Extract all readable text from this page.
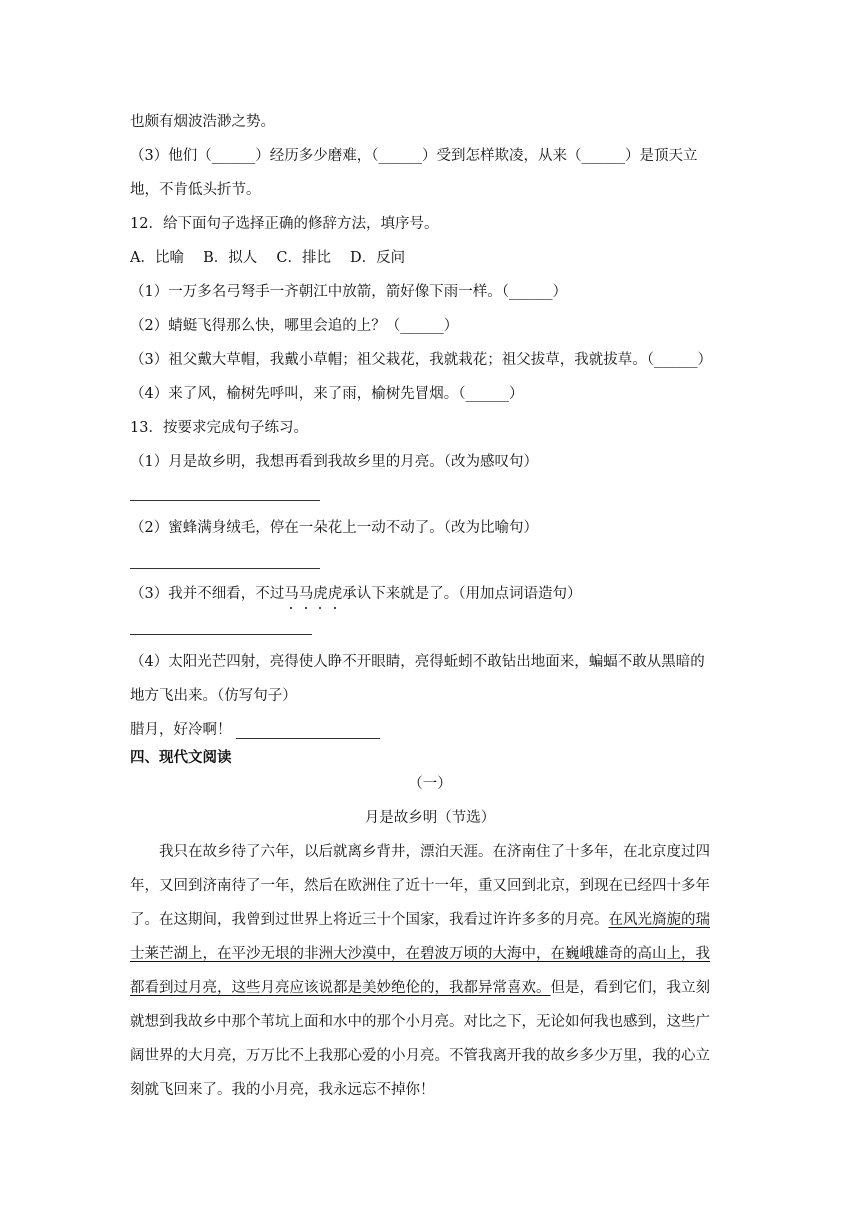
也颇有烟波浩渺之势。
（3）他们（______）经历多少磨难，（______）受到怎样欺凌，从来（______）是顶天立
地，不肯低头折节。
12．给下面句子选择正确的修辞方法，填序号。
A．比喻　 B．拟人　 C．排比　 D．反问
（1）一万多名弓弩手一齐朝江中放箭，箭好像下雨一样。（______）
（2）蜻蜓飞得那么快，哪里会追的上？（______）
（3）祖父戴大草帽，我戴小草帽；祖父栽花，我就栽花；祖父拔草，我就拔草。（______）
（4）来了风，榆树先呼叫，来了雨，榆树先冒烟。（______）
13．按要求完成句子练习。
（1）月是故乡明，我想再看到我故乡里的月亮。（改为感叹句）
（2）蜜蜂满身绒毛，停在一朵花上一动不动了。（改为比喻句）
（3）我并不细看，不过马马虎虎承认下来就是了。（用加点词语造句）
（4）太阳光芒四射，亮得使人睁不开眼睛，亮得蚯蚓不敢钻出地面来，蝙蝠不敢从黑暗的
地方飞出来。（仿写句子）
腊月，好冷啊！
四、现代文阅读
（一）
月是故乡明（节选）
我只在故乡待了六年，以后就离乡背井，漂泊天涯。在济南住了十多年，在北京度过四
年，又回到济南待了一年，然后在欧洲住了近十一年，重又回到北京，到现在已经四十多年
了。在这期间，我曾到过世界上将近三十个国家，我看过许许多多的月亮。在风光旖旎的瑞
士莱芒湖上，在平沙无垠的非洲大沙漠中，在碧波万顷的大海中，在巍峨雄奇的高山上，我
都看到过月亮，这些月亮应该说都是美妙绝伦的，我都异常喜欢。但是，看到它们，我立刻
就想到我故乡中那个苇坑上面和水中的那个小月亮。对比之下，无论如何我也感到，这些广
阔世界的大月亮，万万比不上我那心爱的小月亮。不管我离开我的故乡多少万里，我的心立
刻就飞回来了。我的小月亮，我永远忘不掉你！
